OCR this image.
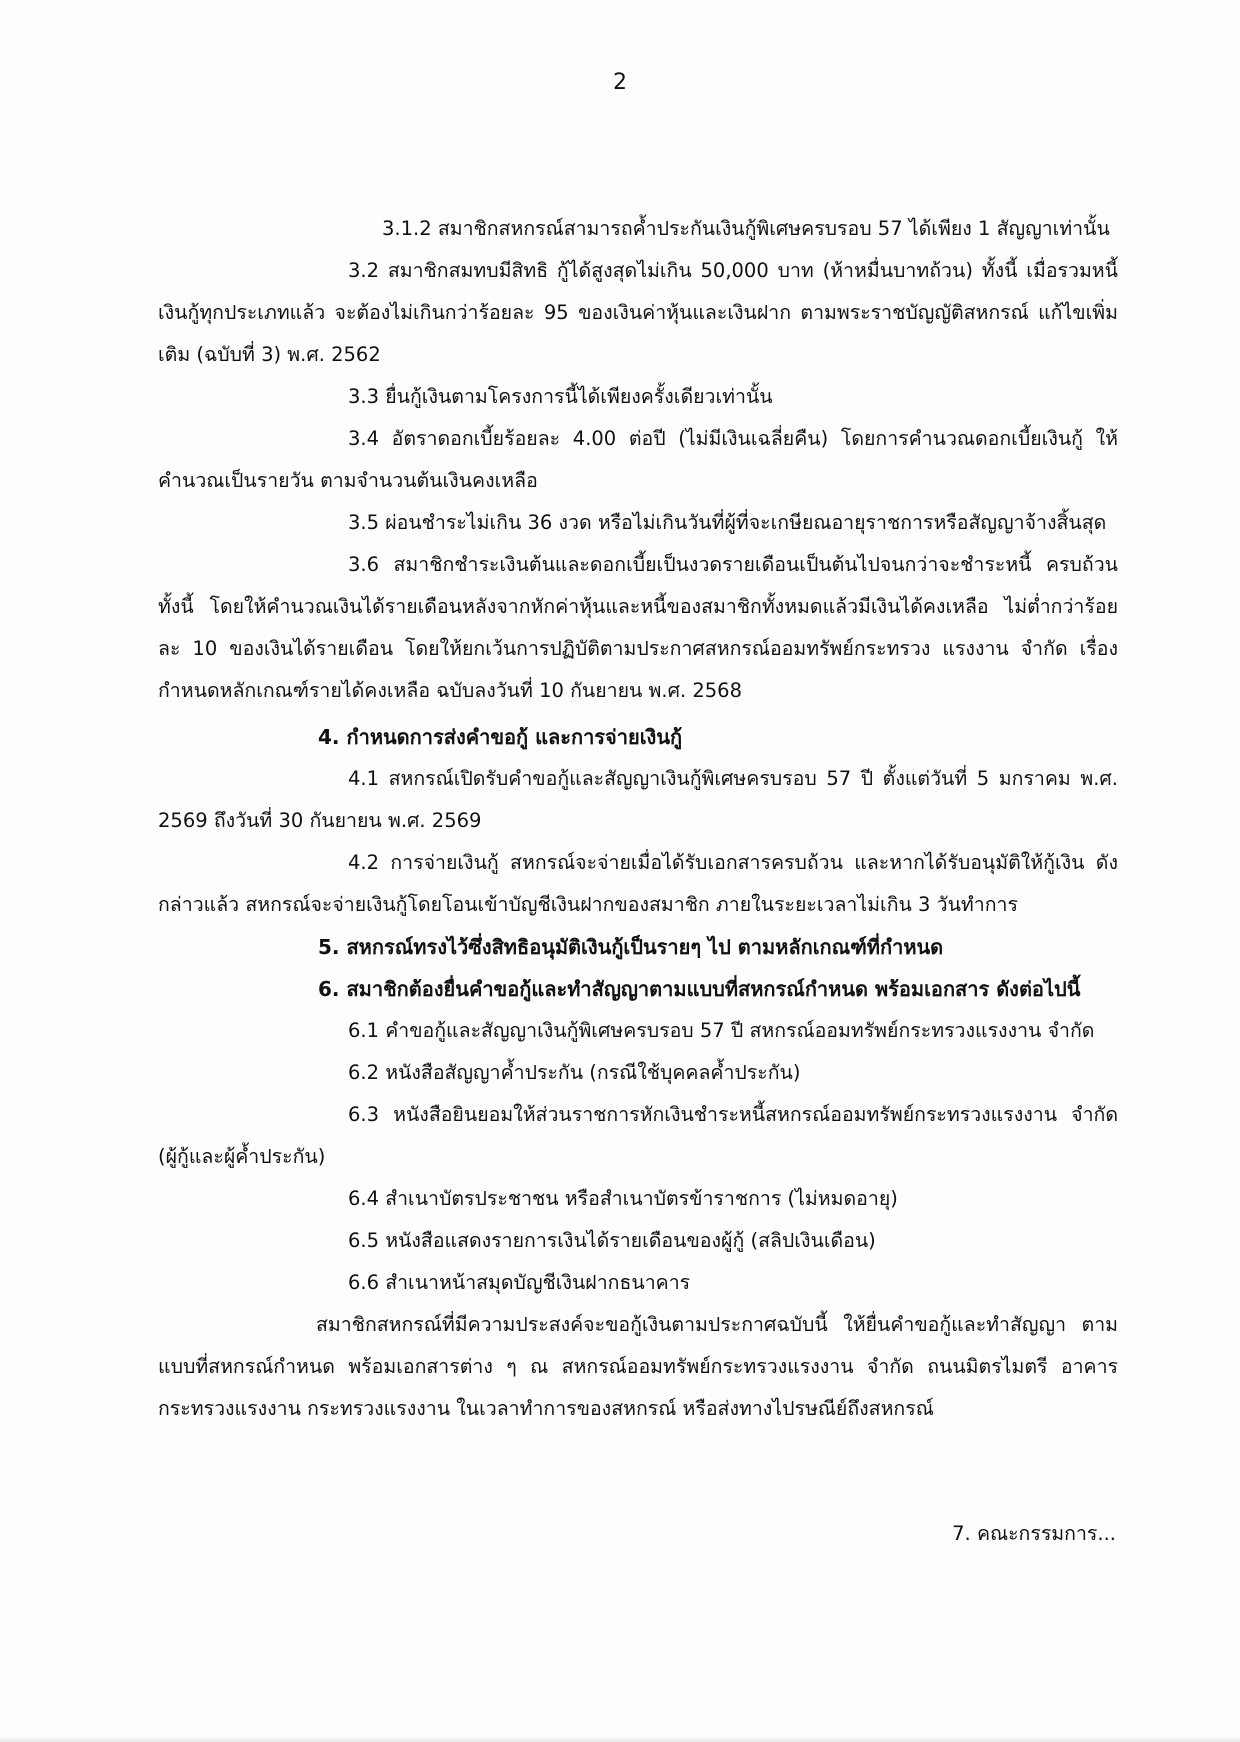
2

3.1.2 สมาชิกสหกรณ์สามารถค้ำประกันเงินกู้พิเศษครบรอบ 57 ได้เพียง 1 สัญญาเท่านั้น

3.2 สมาชิกสมทบมีสิทธิ กู้ได้สูงสุดไม่เกิน 50,000 บาท (ห้าหมื่นบาทถ้วน) ทั้งนี้ เมื่อรวมหนี้เงินกู้ทุกประเภทแล้ว จะต้องไม่เกินกว่าร้อยละ 95 ของเงินค่าหุ้นและเงินฝาก ตามพระราชบัญญัติสหกรณ์ แก้ไขเพิ่มเติม (ฉบับที่ 3) พ.ศ. 2562

3.3 ยื่นกู้เงินตามโครงการนี้ได้เพียงครั้งเดียวเท่านั้น

3.4 อัตราดอกเบี้ยร้อยละ 4.00 ต่อปี (ไม่มีเงินเฉลี่ยคืน) โดยการคำนวณดอกเบี้ยเงินกู้ ให้คำนวณเป็นรายวัน ตามจำนวนต้นเงินคงเหลือ

3.5 ผ่อนชำระไม่เกิน 36 งวด หรือไม่เกินวันที่ผู้ที่จะเกษียณอายุราชการหรือสัญญาจ้างสิ้นสุด

3.6 สมาชิกชำระเงินต้นและดอกเบี้ยเป็นงวดรายเดือนเป็นต้นไปจนกว่าจะชำระหนี้ ครบถ้วน ทั้งนี้ โดยให้คำนวณเงินได้รายเดือนหลังจากหักค่าหุ้นและหนี้ของสมาชิกทั้งหมดแล้วมีเงินได้คงเหลือ ไม่ต่ำกว่าร้อยละ 10 ของเงินได้รายเดือน โดยให้ยกเว้นการปฏิบัติตามประกาศสหกรณ์ออมทรัพย์กระทรวง แรงงาน จำกัด เรื่อง กำหนดหลักเกณฑ์รายได้คงเหลือ ฉบับลงวันที่ 10 กันยายน พ.ศ. 2568

4. กำหนดการส่งคำขอกู้ และการจ่ายเงินกู้

4.1 สหกรณ์เปิดรับคำขอกู้และสัญญาเงินกู้พิเศษครบรอบ 57 ปี ตั้งแต่วันที่ 5 มกราคม พ.ศ. 2569 ถึงวันที่ 30 กันยายน พ.ศ. 2569

4.2 การจ่ายเงินกู้ สหกรณ์จะจ่ายเมื่อได้รับเอกสารครบถ้วน และหากได้รับอนุมัติให้กู้เงิน ดังกล่าวแล้ว สหกรณ์จะจ่ายเงินกู้โดยโอนเข้าบัญชีเงินฝากของสมาชิก ภายในระยะเวลาไม่เกิน 3 วันทำการ

5. สหกรณ์ทรงไว้ซึ่งสิทธิอนุมัติเงินกู้เป็นรายๆ ไป ตามหลักเกณฑ์ที่กำหนด

6. สมาชิกต้องยื่นคำขอกู้และทำสัญญาตามแบบที่สหกรณ์กำหนด พร้อมเอกสาร ดังต่อไปนี้

6.1 คำขอกู้และสัญญาเงินกู้พิเศษครบรอบ 57 ปี สหกรณ์ออมทรัพย์กระทรวงแรงงาน จำกัด

6.2 หนังสือสัญญาค้ำประกัน (กรณีใช้บุคคลค้ำประกัน)

6.3 หนังสือยินยอมให้ส่วนราชการหักเงินชำระหนี้สหกรณ์ออมทรัพย์กระทรวงแรงงาน จำกัด (ผู้กู้และผู้ค้ำประกัน)

6.4 สำเนาบัตรประชาชน หรือสำเนาบัตรข้าราชการ (ไม่หมดอายุ)

6.5 หนังสือแสดงรายการเงินได้รายเดือนของผู้กู้ (สลิปเงินเดือน)

6.6 สำเนาหน้าสมุดบัญชีเงินฝากธนาคาร

สมาชิกสหกรณ์ที่มีความประสงค์จะขอกู้เงินตามประกาศฉบับนี้ ให้ยื่นคำขอกู้และทำสัญญา ตามแบบที่สหกรณ์กำหนด พร้อมเอกสารต่าง ๆ ณ สหกรณ์ออมทรัพย์กระทรวงแรงงาน จำกัด ถนนมิตรไมตรี อาคารกระทรวงแรงงาน กระทรวงแรงงาน ในเวลาทำการของสหกรณ์ หรือส่งทางไปรษณีย์ถึงสหกรณ์

7. คณะกรรมการ...
